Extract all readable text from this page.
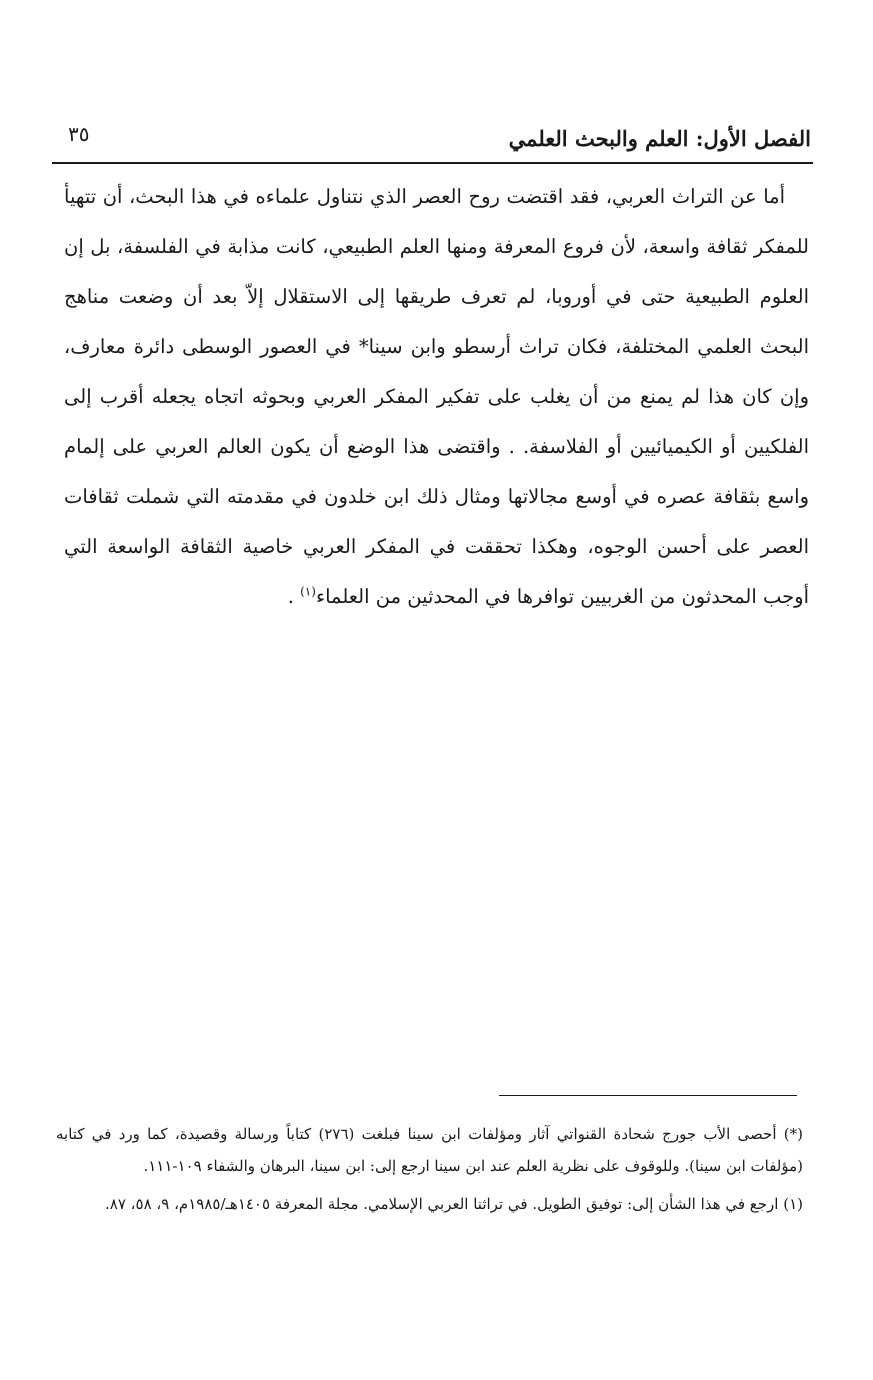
الفصل الأول: العلم والبحث العلمي
٣٥

أما عن التراث العربي، فقد اقتضت روح العصر الذي نتناول علماءه في هذا البحث، أن تتهيأ للمفكر ثقافة واسعة، لأن فروع المعرفة ومنها العلم الطبيعي، كانت مذابة في الفلسفة، بل إن العلوم الطبيعية حتى في أوروبا، لم تعرف طريقها إلى الاستقلال إلاّ بعد أن وضعت مناهج البحث العلمي المختلفة، فكان تراث أرسطو وابن سينا* في العصور الوسطى دائرة معارف، وإن كان هذا لم يمنع من أن يغلب على تفكير المفكر العربي وبحوثه اتجاه يجعله أقرب إلى الفلكيين أو الكيميائيين أو الفلاسفة. . واقتضى هذا الوضع أن يكون العالم العربي على إلمام واسع بثقافة عصره في أوسع مجالاتها ومثال ذلك ابن خلدون في مقدمته التي شملت ثقافات العصر على أحسن الوجوه، وهكذا تحققت في المفكر العربي خاصية الثقافة الواسعة التي أوجب المحدثون من الغربيين توافرها في المحدثين من العلماء$^{(١)}$ .

(*) أحصى الأب جورج شحادة القنواتي آثار ومؤلفات ابن سينا فبلغت (٢٧٦) كتاباً ورسالة وقصيدة، كما ورد في كتابه (مؤلفات ابن سينا). وللوقوف على نظرية العلم عند ابن سينا ارجع إلى: ابن سينا، البرهان والشفاء ١٠٩-١١١.

(١) ارجع في هذا الشأن إلى: توفيق الطويل. في تراثنا العربي الإسلامي. مجلة المعرفة ١٤٠٥هـ/١٩٨٥م، ٩، ٥٨، ٨٧.
